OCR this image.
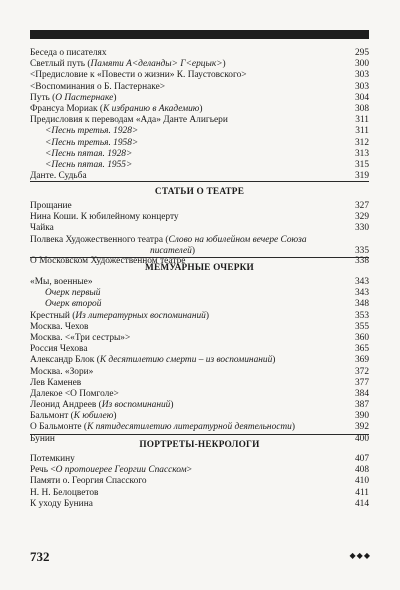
Беседа о писателях	295
Светлый путь (Памяти А<деланды> Г<ерцык>)	300
<Предисловие к «Повести о жизни» К. Паустовского>	303
<Воспоминания о Б. Пастернаке>	303
Путь (О Пастернаке)	304
Франсуа Мориак (К избранию в Академию)	308
Предисловия к переводам «Ада» Данте Алигьери	311
<Песнь третья. 1928>	311
<Песнь третья. 1958>	312
<Песнь пятая. 1928>	313
<Песнь пятая. 1955>	315
Данте. Судьба	319
СТАТЬИ О ТЕАТРЕ
Прощание	327
Нина Коши. К юбилейному концерту	329
Чайка	330
Полвека Художественного театра (Слово на юбилейном вечере Союза
писателей)	335
О Московском Художественном театре	338
МЕМУАРНЫЕ ОЧЕРКИ
«Мы, военные»	343
Очерк первый	343
Очерк второй	348
Крестный (Из литературных воспоминаний)	353
Москва. Чехов	355
Москва. <«Три сестры»>	360
Россия Чехова	365
Александр Блок (К десятилетию смерти – из воспоминаний)	369
Москва. «Зори»	372
Лев Каменев	377
Далекое <О Помголе>	384
Леонид Андреев (Из воспоминаний)	387
Бальмонт (К юбилею)	390
О Бальмонте (К пятидесятилетию литературной деятельности)	392
Бунин	400
ПОРТРЕТЫ-НЕКРОЛОГИ
Потемкину	407
Речь <О протоиерее Георгии Спасском>	408
Памяти о. Георгия Спасского	410
Н. Н. Белоцветов	411
К уходу Бунина	414
732	◆◆◆
